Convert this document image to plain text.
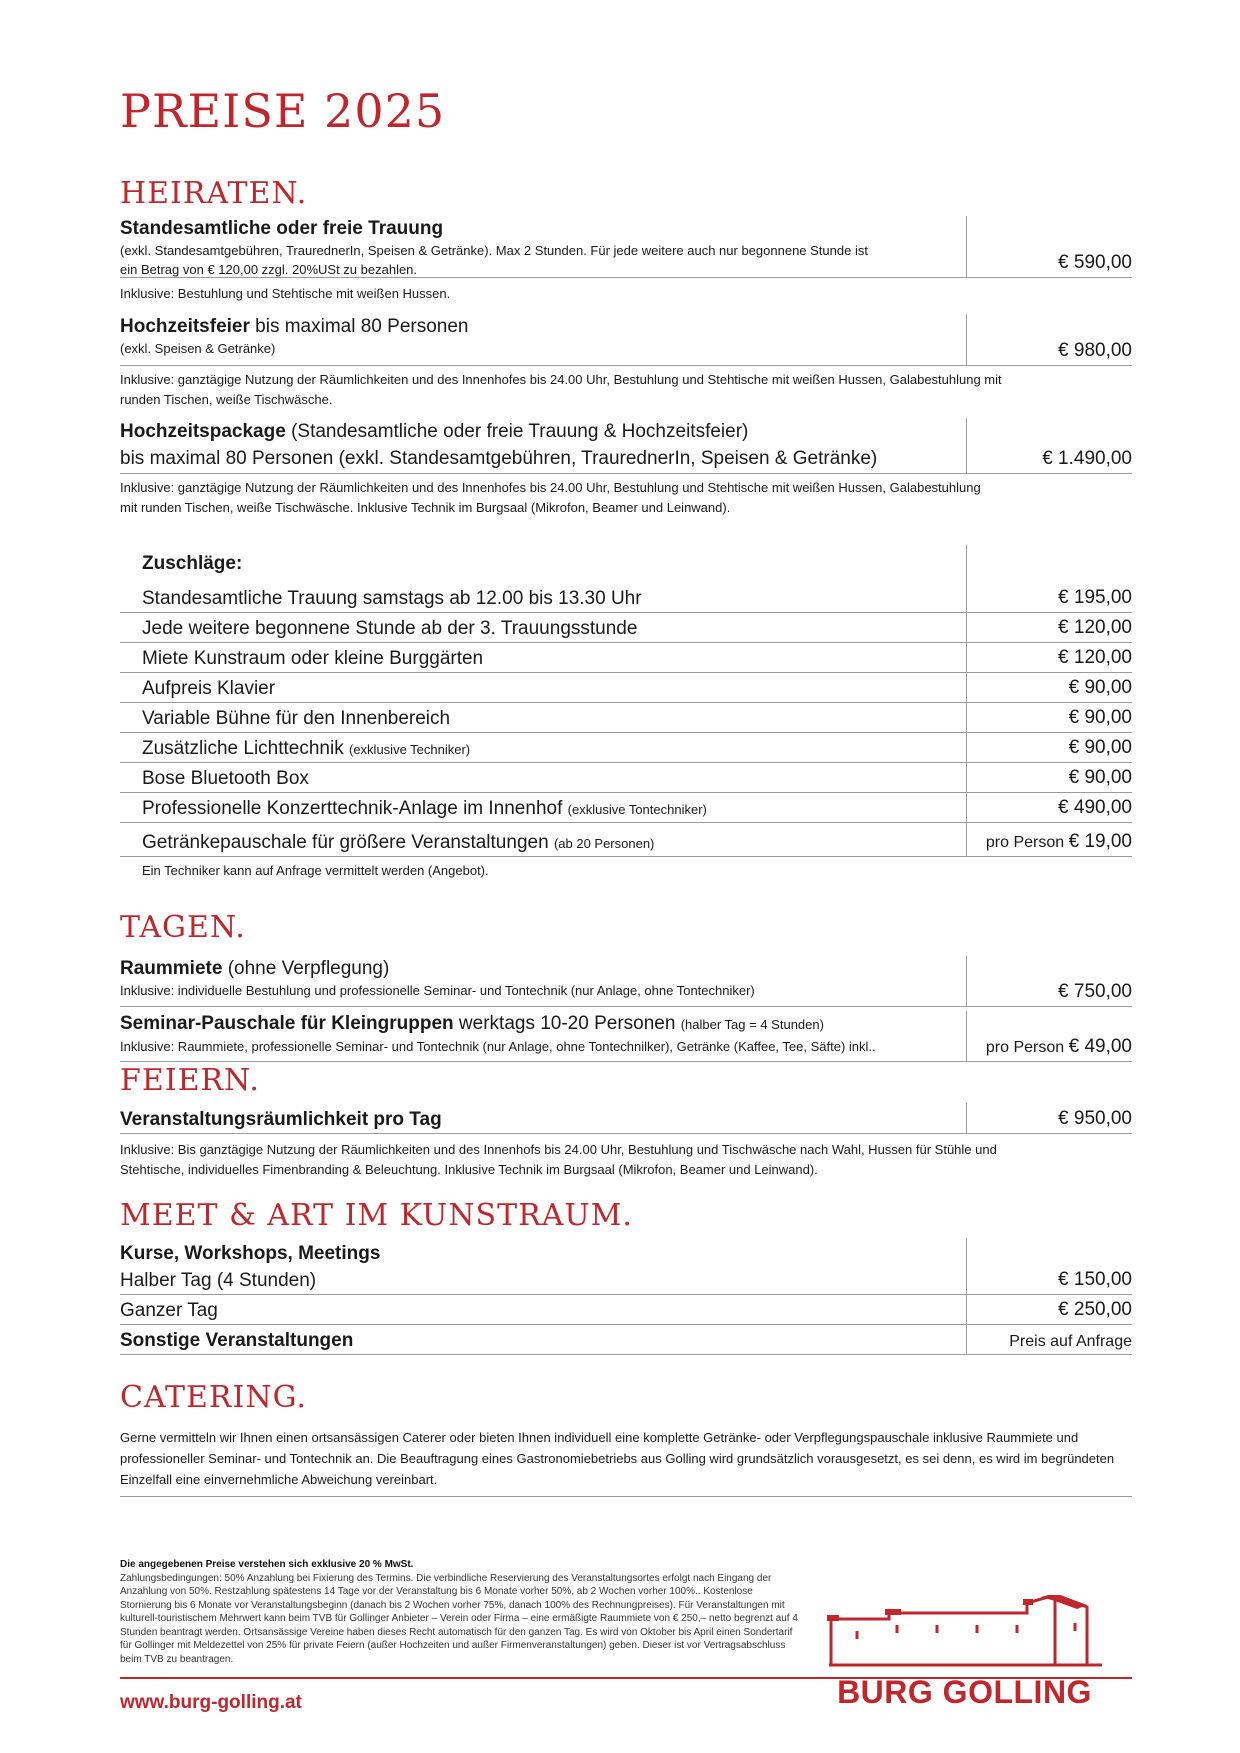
PREISE 2025
HEIRATEN.
Standesamtliche oder freie Trauung
(exkl. Standesamtgebühren, TraurednerIn, Speisen & Getränke). Max 2 Stunden. Für jede weitere auch nur begonnene Stunde ist ein Betrag von € 120,00 zzgl. 20%USt zu bezahlen.	€ 590,00
Inklusive: Bestuhlung und Stehtische mit weißen Hussen.
Hochzeitsfeier bis maximal 80 Personen
(exkl. Speisen & Getränke)	€ 980,00
Inklusive: ganztägige Nutzung der Räumlichkeiten und des Innenhofes bis 24.00 Uhr, Bestuhlung und Stehtische mit weißen Hussen, Galabestuhlung mit runden Tischen, weiße Tischwäsche.
Hochzeitspackage (Standesamtliche oder freie Trauung & Hochzeitsfeier)
bis maximal 80 Personen (exkl. Standesamtgebühren, TraurednerIn, Speisen & Getränke)	€ 1.490,00
Inklusive: ganztägige Nutzung der Räumlichkeiten und des Innenhofes bis 24.00 Uhr, Bestuhlung und Stehtische mit weißen Hussen, Galabestuhlung mit runden Tischen, weiße Tischwäsche. Inklusive Technik im Burgsaal (Mikrofon, Beamer und Leinwand).
Zuschläge:
Standesamtliche Trauung samstags ab 12.00 bis 13.30 Uhr	€ 195,00
Jede weitere begonnene Stunde ab der 3. Trauungsstunde	€ 120,00
Miete Kunstraum oder kleine Burggärten	€ 120,00
Aufpreis Klavier	€ 90,00
Variable Bühne für den Innenbereich	€ 90,00
Zusätzliche Lichttechnik (exklusive Techniker)	€ 90,00
Bose Bluetooth Box	€ 90,00
Professionelle Konzerttechnik-Anlage im Innenhof (exklusive Tontechniker)	€ 490,00
Getränkepauschale für größere Veranstaltungen (ab 20 Personen)	pro Person € 19,00
Ein Techniker kann auf Anfrage vermittelt werden (Angebot).
TAGEN.
Raummiete (ohne Verpflegung)
Inklusive: individuelle Bestuhlung und professionelle Seminar- und Tontechnik (nur Anlage, ohne Tontechniker)	€ 750,00
Seminar-Pauschale für Kleingruppen werktags 10-20 Personen (halber Tag = 4 Stunden)
Inklusive: Raummiete, professionelle Seminar- und Tontechnik (nur Anlage, ohne Tontechnilker), Getränke (Kaffee, Tee, Säfte) inkl..	pro Person € 49,00
FEIERN.
Veranstaltungsräumlichkeit pro Tag	€ 950,00
Inklusive: Bis ganztägige Nutzung der Räumlichkeiten und des Innenhofs bis 24.00 Uhr, Bestuhlung und Tischwäsche nach Wahl, Hussen für Stühle und Stehtische, individuelles Fimenbranding & Beleuchtung. Inklusive Technik im Burgsaal (Mikrofon, Beamer und Leinwand).
MEET & ART IM KUNSTRAUM.
Kurse, Workshops, Meetings
Halber Tag (4 Stunden)	€ 150,00
Ganzer Tag	€ 250,00
Sonstige Veranstaltungen	Preis auf Anfrage
CATERING.
Gerne vermitteln wir Ihnen einen ortsansässigen Caterer oder bieten Ihnen individuell eine komplette Getränke- oder Verpflegungspauschale inklusive Raummiete und professioneller Seminar- und Tontechnik an. Die Beauftragung eines Gastronomiebetriebs aus Golling wird grundsätzlich vorausgesetzt, es sei denn, es wird im begründeten Einzelfall eine einvernehmliche Abweichung vereinbart.
Die angegebenen Preise verstehen sich exklusive 20 % MwSt.
Zahlungsbedingungen: 50% Anzahlung bei Fixierung des Termins. Die verbindliche Reservierung des Veranstaltungsortes erfolgt nach Eingang der Anzahlung von 50%. Restzahlung spätestens 14 Tage vor der Veranstaltung bis 6 Monate vorher 50%, ab 2 Wochen vorher 100%.. Kostenlose Stornierung bis 6 Monate vor Veranstaltungsbeginn (danach bis 2 Wochen vorher 75%, danach 100% des Rechnungpreises). Für Veranstaltungen mit kulturell-touristischem Mehrwert kann beim TVB für Gollinger Anbieter – Verein oder Firma – eine ermäßigte Raummiete von € 250,– netto begrenzt auf 4 Stunden beantragt werden. Ortsansässige Vereine haben dieses Recht automatisch für den ganzen Tag. Es wird von Oktober bis April einen Sondertarif für Gollinger mit Meldezettel von 25% für private Feiern (außer Hochzeiten und außer Firmenveranstaltungen) geben. Dieser ist vor Vertragsabschluss beim TVB zu beantragen.
www.burg-golling.at	BURG GOLLING
